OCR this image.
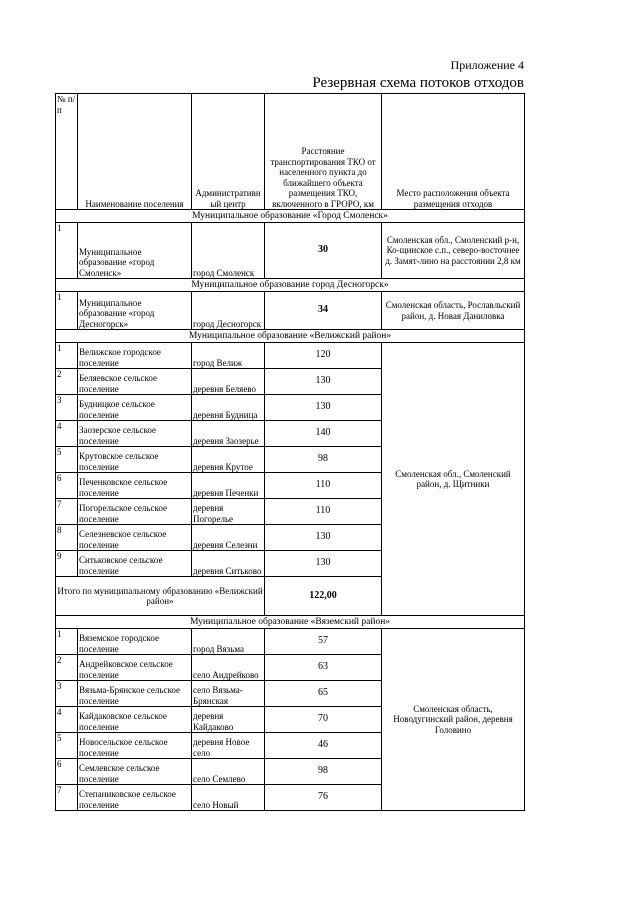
Приложение 4
Резервная схема потоков отходов
№ п/п	Наименование поселения	Административный центр	Расстояние транспортирования ТКО от населенного пункта до ближайшего объекта размещения ТКО, включенного в ГРОРО, км	Место расположения объекта размещения отходов
Муниципальное образование «Город Смоленск»				
1	Муниципальное образование «город Смоленск»	город Смоленск	30	Смоленская обл., Смоленский р-н, Ко-щинское с.п., северо-восточнее д. Замят-лино на расстоянии 2,8 км
Муниципальное образование город Десногорск»				
1	Муниципальное образование «город Десногорск»	город Десногорск	34	Смоленская область, Рославльский район, д. Новая Даниловка
Муниципальное образование «Велижский район»				
1	Велижское городское поселение	город Велиж	120	Смоленская обл., Смоленский район, д. Щитники
2	Беляевское сельское поселение	деревня Беляево	130	
3	Будницкое сельское поселение	деревня Будница	130	
4	Заозерское сельское поселение	деревня Заозерье	140	
5	Крутовское сельское поселение	деревня Крутое	98	
6	Печенковское сельское поселение	деревня Печенки	110	
7	Погорельское сельское поселение	деревня Погорелье	110	
8	Селезневское сельское поселение	деревня Селезни	130	
9	Ситьковское сельское поселение	деревня Ситьково	130	
Итого по муниципальному образованию «Велижский район»			122,00	
Муниципальное образование «Вяземский район»				
1	Вяземское городское поселение	город Вязьма	57	Смоленская область, Новодугинский район, деревня Головино
2	Андрейковское сельское поселение	село Андрейково	63	
3	Вязьма-Брянское сельское поселение	село Вязьма-Брянская	65	
4	Кайдаковское сельское поселение	деревня Кайдаково	70	
5	Новосельское сельское поселение	деревня Новое село	46	
6	Семлевское сельское поселение	село Семлево	98	
7	Степаниковское сельское поселение	село Новый	76	
